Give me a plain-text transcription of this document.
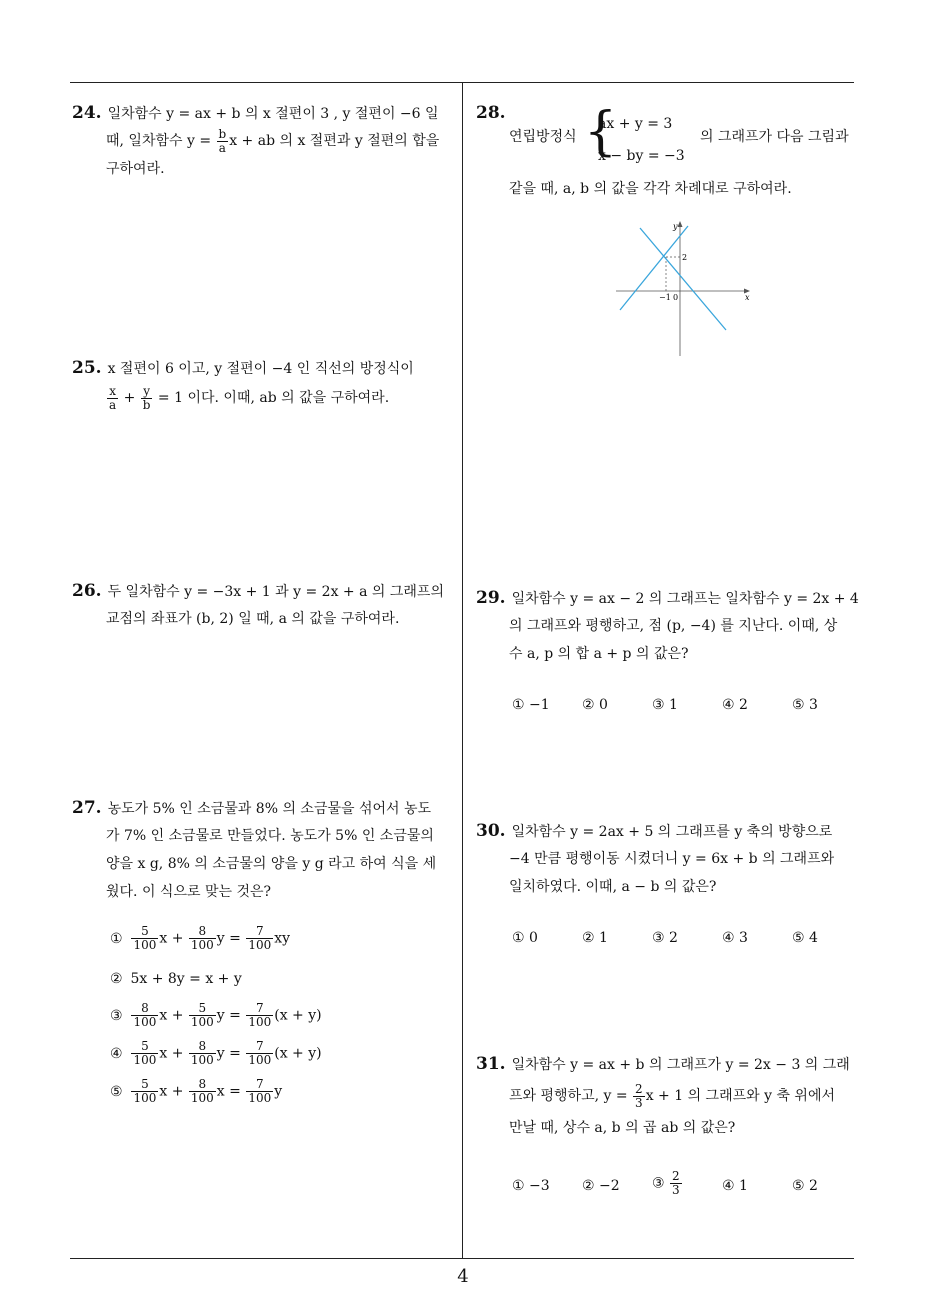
24. 일차함수 y = ax + b 의 x 절편이 3 , y 절편이 −6 일
때, 일차함수 $y = \frac{b}{a}$ x + ab 의 x 절편과 y 절편의 합을
구하여라.
25. x 절편이 6 이고, y 절편이 −4 인 직선의 방정식이
$\frac{x}{a} + \frac{y}{b} = 1$ 이다. 이때, ab 의 값을 구하여라.
26. 두 일차함수 y = −3x + 1 과 y = 2x + a 의 그래프의
교점의 좌표가 (b, 2) 일 때, a 의 값을 구하여라.
27. 농도가 5% 인 소금물과 8% 의 소금물을 섞어서 농도
가 7% 인 소금물로 만들었다. 농도가 5% 인 소금물의
양을 x g, 8% 의 소금물의 양을 y g 라고 하여 식을 세
웠다. 이 식으로 맞는 것은?
① $\frac{5}{100}$ $x + \frac{8}{100}$ $y = \frac{7}{100}$ xy
② 5x + 8y = x + y
③ $\frac{8}{100}$ $x + \frac{5}{100}$ $y = \frac{7}{100} (x + y)$
④ $\frac{5}{100}$ $x + \frac{8}{100}$ $y = \frac{7}{100} (x + y)$
⑤ $\frac{5}{100}$ $x + \frac{8}{100}$ $x = \frac{7}{100}$ y
28.
연립방정식 {
ax + y = 3
x − by = −3
의 그래프가 다음 그림과
같을 때, a, b 의 값을 각각 차례대로 구하여라.
y
x
2
−1 0
29. 일차함수 y = ax − 2 의 그래프는 일차함수 y = 2x + 4
의 그래프와 평행하고, 점 (p, −4) 를 지난다. 이때, 상
수 a, p 의 합 a + p 의 값은?
① −1 ② 0	③ 1	④ 2	⑤ 3
30. 일차함수 y = 2ax + 5 의 그래프를 y 축의 방향으로
−4 만큼 평행이동 시켰더니 y = 6x + b 의 그래프와
일치하였다. 이때, a − b 의 값은?
① 0	② 1	③ 2	④ 3	⑤ 4
31. 일차함수 y = ax + b 의 그래프가 y = 2x − 3 의 그래
프와 평행하고, $y = \frac{2}{3}$ x + 1 의 그래프와 y 축 위에서
만날 때, 상수 a, b 의 곱 ab 의 값은?
① −3 ② −2 ③ $\frac{2}{3}$	④ 1	⑤ 2
4
